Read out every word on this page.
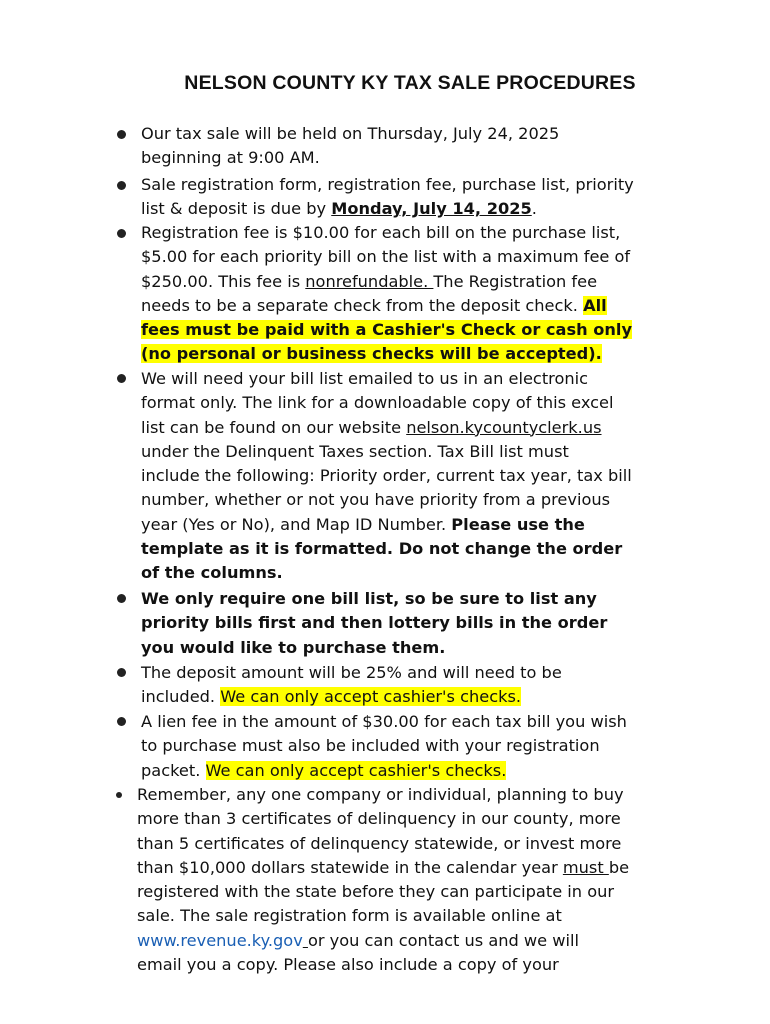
NELSON COUNTY KY TAX SALE PROCEDURES
Our tax sale will be held on Thursday, July 24, 2025
beginning at 9:00 AM.
Sale registration form, registration fee, purchase list, priority
list & deposit is due by Monday, July 14, 2025.
Registration fee is $10.00 for each bill on the purchase list,
$5.00 for each priority bill on the list with a maximum fee of
$250.00. This fee is nonrefundable. The Registration fee
needs to be a separate check from the deposit check. All
fees must be paid with a Cashier's Check or cash only
(no personal or business checks will be accepted).
We will need your bill list emailed to us in an electronic
format only. The link for a downloadable copy of this excel
list can be found on our website nelson.kycountyclerk.us
under the Delinquent Taxes section. Tax Bill list must
include the following: Priority order, current tax year, tax bill
number, whether or not you have priority from a previous
year (Yes or No), and Map ID Number. Please use the
template as it is formatted. Do not change the order
of the columns.
We only require one bill list, so be sure to list any
priority bills first and then lottery bills in the order
you would like to purchase them.
The deposit amount will be 25% and will need to be
included. We can only accept cashier's checks.
A lien fee in the amount of $30.00 for each tax bill you wish
to purchase must also be included with your registration
packet. We can only accept cashier's checks.
Remember, any one company or individual, planning to buy
more than 3 certificates of delinquency in our county, more
than 5 certificates of delinquency statewide, or invest more
than $10,000 dollars statewide in the calendar year must be
registered with the state before they can participate in our
sale. The sale registration form is available online at
www.revenue.ky.gov or you can contact us and we will
email you a copy. Please also include a copy of your
